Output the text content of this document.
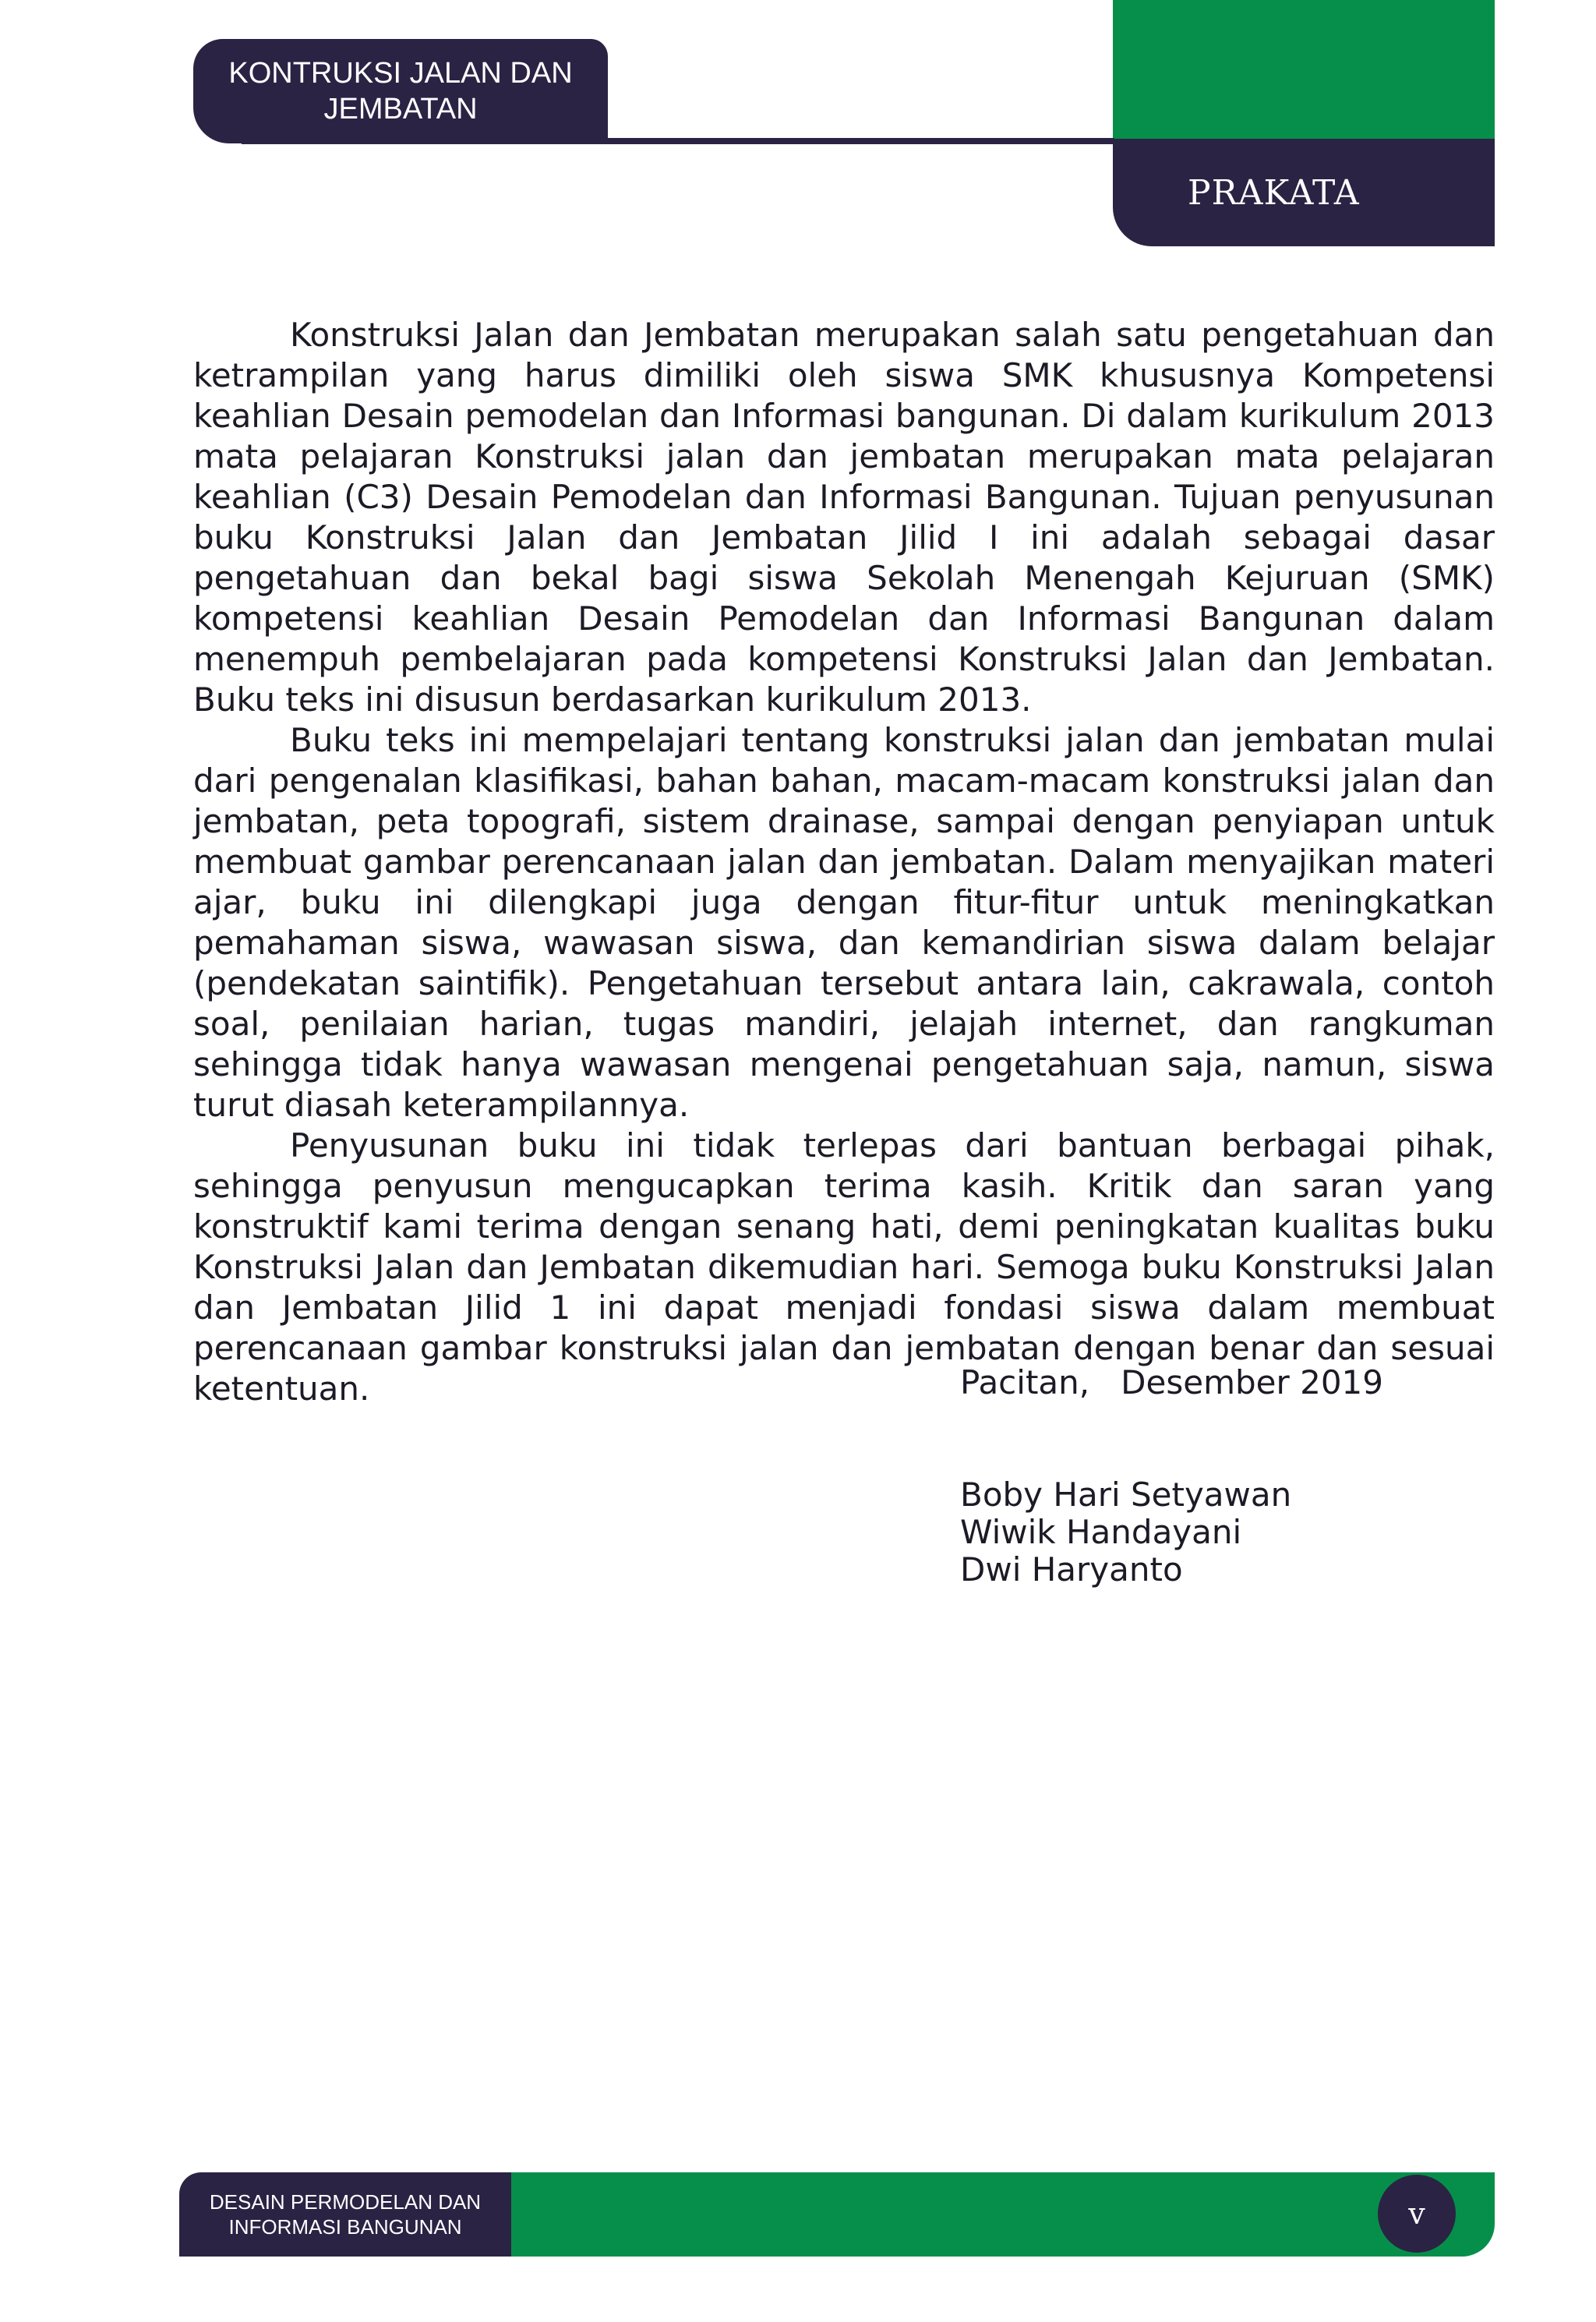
KONTRUKSI JALAN DAN
JEMBATAN
PRAKATA

Konstruksi Jalan dan Jembatan merupakan salah satu pengetahuan dan ketrampilan yang harus dimiliki oleh siswa SMK khususnya Kompetensi keahlian Desain pemodelan dan Informasi bangunan. Di dalam kurikulum 2013 mata pelajaran Konstruksi jalan dan jembatan merupakan mata pelajaran keahlian (C3) Desain Pemodelan dan Informasi Bangunan. Tujuan penyusunan buku Konstruksi Jalan dan Jembatan Jilid I ini adalah sebagai dasar pengetahuan dan bekal bagi siswa Sekolah Menengah Kejuruan (SMK) kompetensi keahlian Desain Pemodelan dan Informasi Bangunan dalam menempuh pembelajaran pada kompetensi Konstruksi Jalan dan Jembatan. Buku teks ini disusun berdasarkan kurikulum 2013.

Buku teks ini mempelajari tentang konstruksi jalan dan jembatan mulai dari pengenalan klasifikasi, bahan bahan, macam-macam konstruksi jalan dan jembatan, peta topografi, sistem drainase, sampai dengan penyiapan untuk membuat gambar perencanaan jalan dan jembatan. Dalam menyajikan materi ajar, buku ini dilengkapi juga dengan fitur-fitur untuk meningkatkan pemahaman siswa, wawasan siswa, dan kemandirian siswa dalam belajar (pendekatan saintifik). Pengetahuan tersebut antara lain, cakrawala, contoh soal, penilaian harian, tugas mandiri, jelajah internet, dan rangkuman sehingga tidak hanya wawasan mengenai pengetahuan saja, namun, siswa turut diasah keterampilannya.

Penyusunan buku ini tidak terlepas dari bantuan berbagai pihak, sehingga penyusun mengucapkan terima kasih. Kritik dan saran yang konstruktif kami terima dengan senang hati, demi peningkatan kualitas buku Konstruksi Jalan dan Jembatan dikemudian hari. Semoga buku Konstruksi Jalan dan Jembatan Jilid 1 ini dapat menjadi fondasi siswa dalam membuat perencanaan gambar konstruksi jalan dan jembatan dengan benar dan sesuai ketentuan.	Pacitan,   Desember 2019
Boby Hari Setyawan
Wiwik Handayani
Dwi Haryanto
DESAIN PERMODELAN DAN
INFORMASI BANGUNAN	v
